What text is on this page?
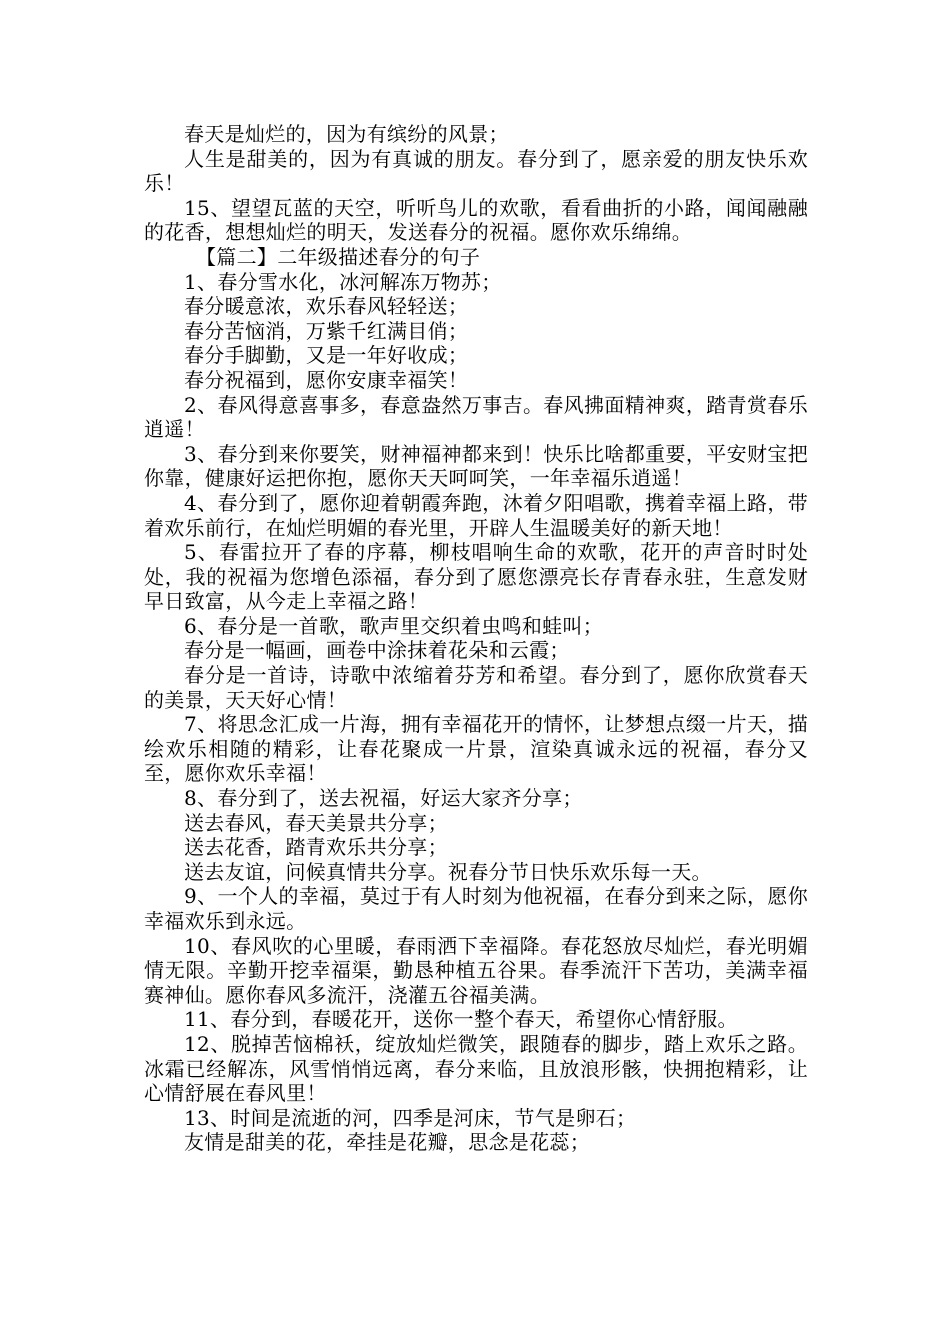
春天是灿烂的，因为有缤纷的风景；

人生是甜美的，因为有真诚的朋友。春分到了，愿亲爱的朋友快乐欢乐！

15、望望瓦蓝的天空，听听鸟儿的欢歌，看看曲折的小路，闻闻融融的花香，想想灿烂的明天，发送春分的祝福。愿你欢乐绵绵。

【篇二】二年级描述春分的句子

1、春分雪水化，冰河解冻万物苏；

春分暖意浓，欢乐春风轻轻送；

春分苦恼消，万紫千红满目俏；

春分手脚勤，又是一年好收成；

春分祝福到，愿你安康幸福笑！

2、春风得意喜事多，春意盎然万事吉。春风拂面精神爽，踏青赏春乐逍遥！

3、春分到来你要笑，财神福神都来到！快乐比啥都重要，平安财宝把你靠，健康好运把你抱，愿你天天呵呵笑，一年幸福乐逍遥！

4、春分到了，愿你迎着朝霞奔跑，沐着夕阳唱歌，携着幸福上路，带着欢乐前行，在灿烂明媚的春光里，开辟人生温暖美好的新天地！

5、春雷拉开了春的序幕，柳枝唱响生命的欢歌，花开的声音时时处处，我的祝福为您增色添福，春分到了愿您漂亮长存青春永驻，生意发财早日致富，从今走上幸福之路！

6、春分是一首歌，歌声里交织着虫鸣和蛙叫；

春分是一幅画，画卷中涂抹着花朵和云霞；

春分是一首诗，诗歌中浓缩着芬芳和希望。春分到了，愿你欣赏春天的美景，天天好心情！

7、将思念汇成一片海，拥有幸福花开的情怀，让梦想点缀一片天，描绘欢乐相随的精彩，让春花聚成一片景，渲染真诚永远的祝福，春分又至，愿你欢乐幸福！

8、春分到了，送去祝福，好运大家齐分享；

送去春风，春天美景共分享；

送去花香，踏青欢乐共分享；

送去友谊，问候真情共分享。祝春分节日快乐欢乐每一天。

9、一个人的幸福，莫过于有人时刻为他祝福，在春分到来之际，愿你幸福欢乐到永远。

10、春风吹的心里暖，春雨洒下幸福降。春花怒放尽灿烂，春光明媚情无限。辛勤开挖幸福渠，勤恳种植五谷果。春季流汗下苦功，美满幸福赛神仙。愿你春风多流汗，浇灌五谷福美满。

11、春分到，春暖花开，送你一整个春天，希望你心情舒服。

12、脱掉苦恼棉袄，绽放灿烂微笑，跟随春的脚步，踏上欢乐之路。冰霜已经解冻，风雪悄悄远离，春分来临，且放浪形骸，快拥抱精彩，让心情舒展在春风里！

13、时间是流逝的河，四季是河床，节气是卵石；

友情是甜美的花，牵挂是花瓣，思念是花蕊；
